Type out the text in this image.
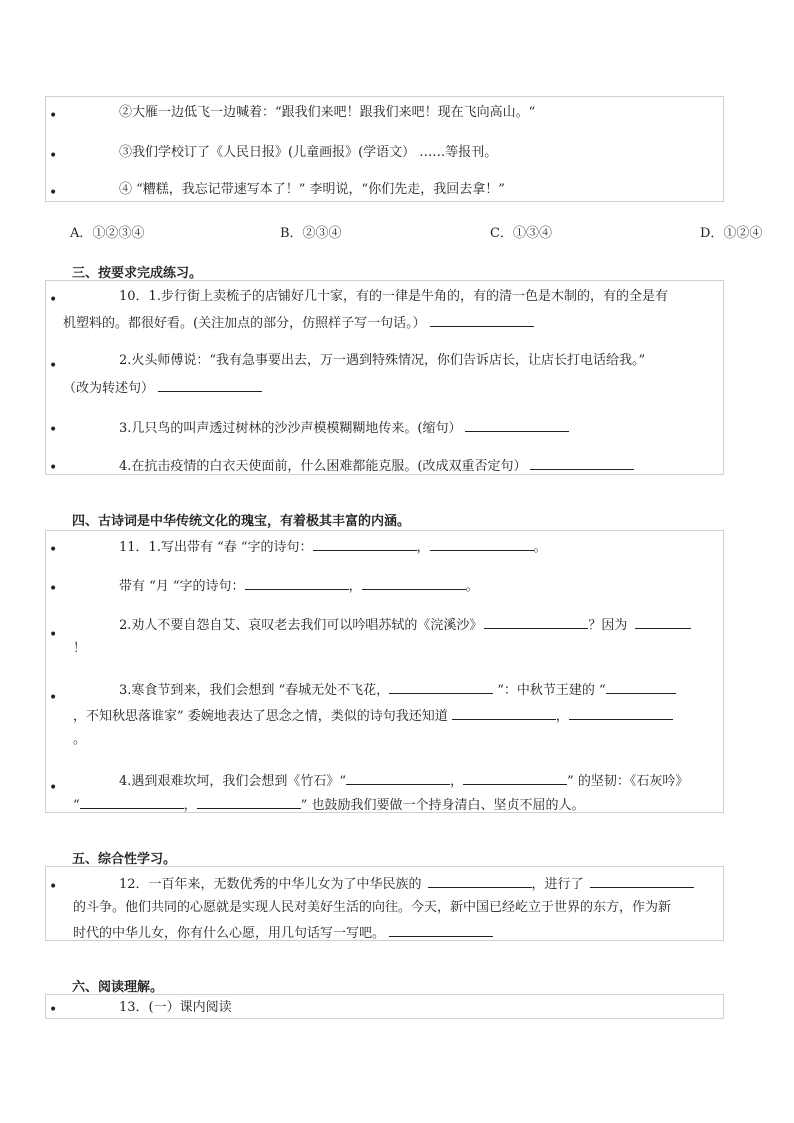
•	②大雁一边低飞一边喊着：“跟我们来吧！跟我们来吧！现在飞向高山。“
•	③我们学校订了《人民日报》(儿童画报》(学语文） ……等报刊。
•	④ “糟糕，我忘记带速写本了！” 李明说，“你们先走，我回去拿！”
A．①②③④	B．②③④	C．①③④	D．①②④
三、按要求完成练习。
•	10．1.步行街上卖梳子的店铺好几十家，有的一律是牛角的，有的清一色是木制的，有的全是有
机塑料的。都很好看。(关注加点的部分，仿照样子写一句话。）
•	2.火头师傅说：“我有急事要出去，万一遇到特殊情况，你们告诉店长，让店长打电话给我。”
（改为转述句）
•	3.几只鸟的叫声透过树林的沙沙声模模糊糊地传来。(缩句）
•	4.在抗击疫情的白衣天使面前，什么困难都能克服。(改成双重否定句）
四、古诗词是中华传统文化的瑰宝，有着极其丰富的内涵。
•	11．1.写出带有 “春 “字的诗句：	，	。
•	带有 “月 “字的诗句：	，	。
•
2.劝人不要自怨自艾、哀叹老去我们可以吟唱苏轼的《浣溪沙》	？因为
！
•	3.寒食节到来，我们会想到 “春城无处不飞花，	“：中秋节王建的 “
，不知秋思落谁家” 委婉地表达了思念之情，类似的诗句我还知道	，
。
•	4.遇到艰难坎坷，我们会想到《竹石》“	，	” 的坚韧：《石灰吟》
“	，	” 也鼓励我们要做一个持身清白、坚贞不屈的人。
五、综合性学习。
•	12．一百年来，无数优秀的中华儿女为了中华民族的	，进行了
的斗争。他们共同的心愿就是实现人民对美好生活的向往。今天，新中国已经屹立于世界的东方，作为新
时代的中华儿女，你有什么心愿，用几句话写一写吧。
六、阅读理解。
•	13．(一）课内阅读
